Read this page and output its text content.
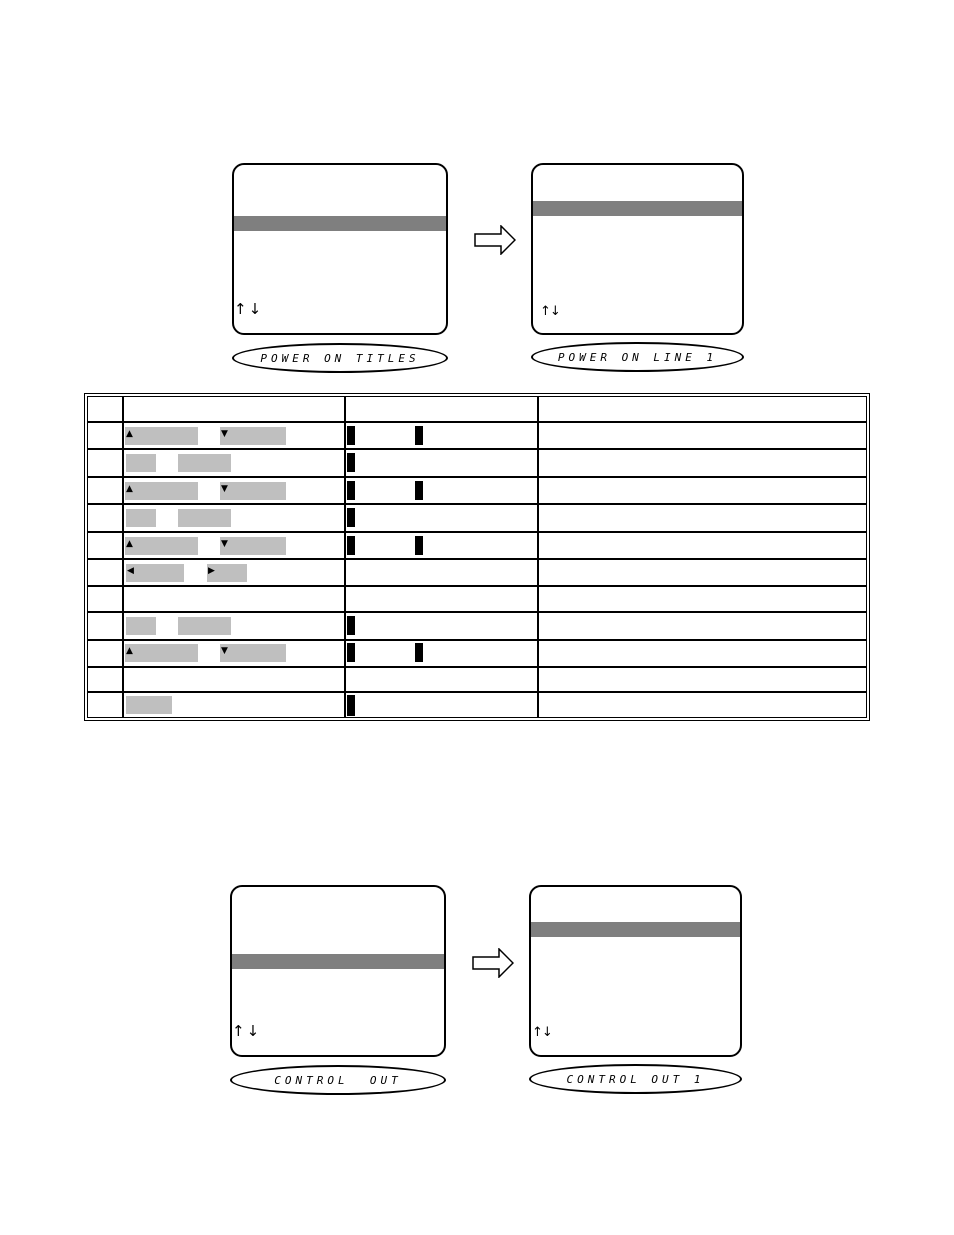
↑↓
POWER ON TITLES
↑↓
POWER ON LINE 1
▲	▼
▲	▼
▲	▼
◀	▶
▲	▼
↑↓
CONTROL  OUT
↑↓
CONTROL OUT 1
